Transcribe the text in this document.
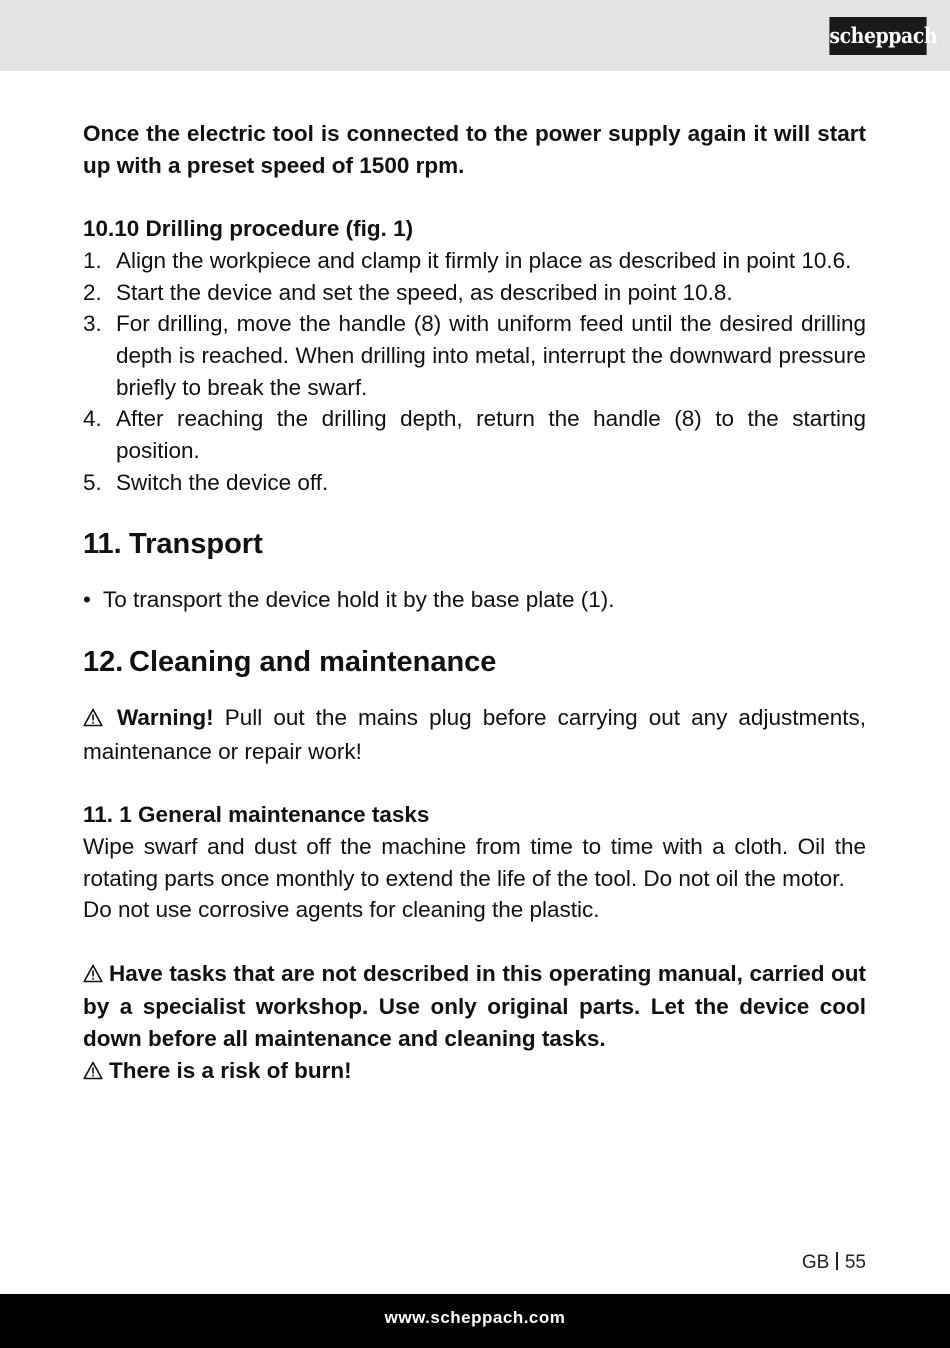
scheppach

Once the electric tool is connected to the power supply again it will start up with a preset speed of 1500 rpm.

10.10 Drilling procedure (fig. 1)

1. Align the workpiece and clamp it firmly in place as described in point 10.6.
2. Start the device and set the speed, as described in point 10.8.
3. For drilling, move the handle (8) with uniform feed until the desired drilling depth is reached. When drilling into metal, interrupt the downward pressure briefly to break the swarf.
4. After reaching the drilling depth, return the handle (8) to the starting position.
5. Switch the device off.
11. Transport

• To transport the device hold it by the base plate (1).

12. Cleaning and maintenance

Warning! Pull out the mains plug before carrying out any adjustments, maintenance or repair work!

11. 1 General maintenance tasks

Wipe swarf and dust off the machine from time to time with a cloth. Oil the rotating parts once monthly to extend the life of the tool. Do not oil the motor.

Do not use corrosive agents for cleaning the plastic.

Have tasks that are not described in this operating manual, carried out by a specialist workshop. Use only original parts. Let the device cool down before all maintenance and cleaning tasks.

There is a risk of burn!

GB 55
www.scheppach.com
